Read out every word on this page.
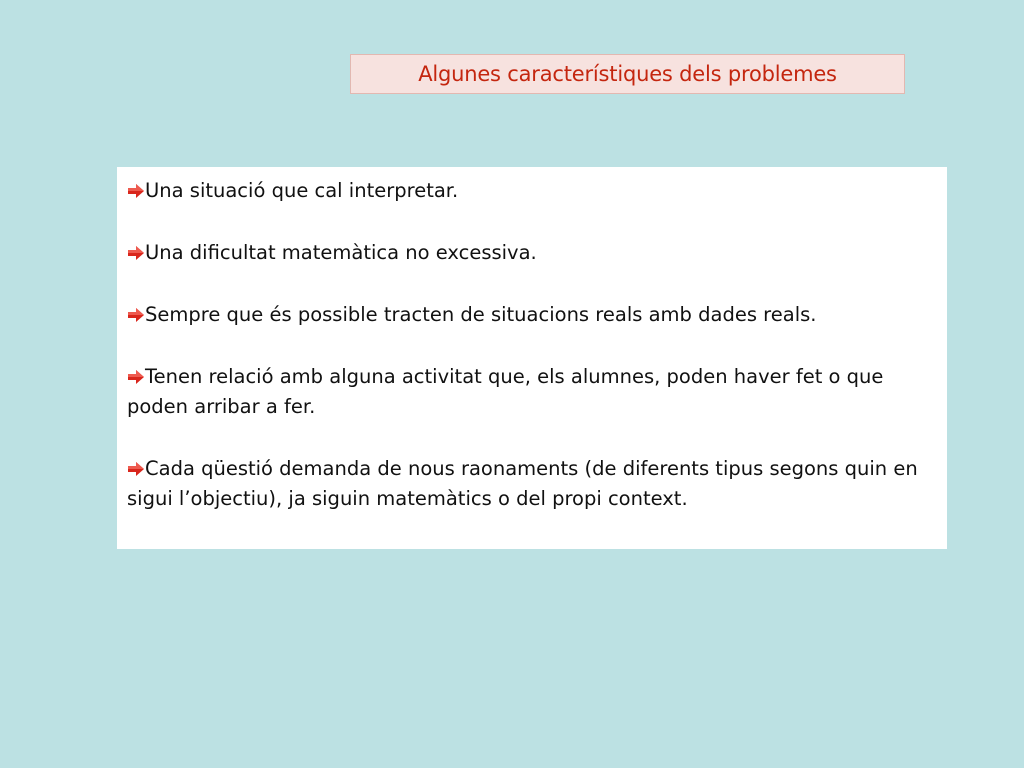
Algunes característiques dels problemes

Una situació que cal interpretar.

Una dificultat matemàtica no excessiva.

Sempre que és possible tracten de situacions reals amb dades reals.

Tenen relació amb alguna activitat que, els alumnes, poden haver fet o que poden arribar a fer.

Cada qüestió demanda de nous raonaments (de diferents tipus segons quin en sigui l’objectiu), ja siguin matemàtics o del propi context.
